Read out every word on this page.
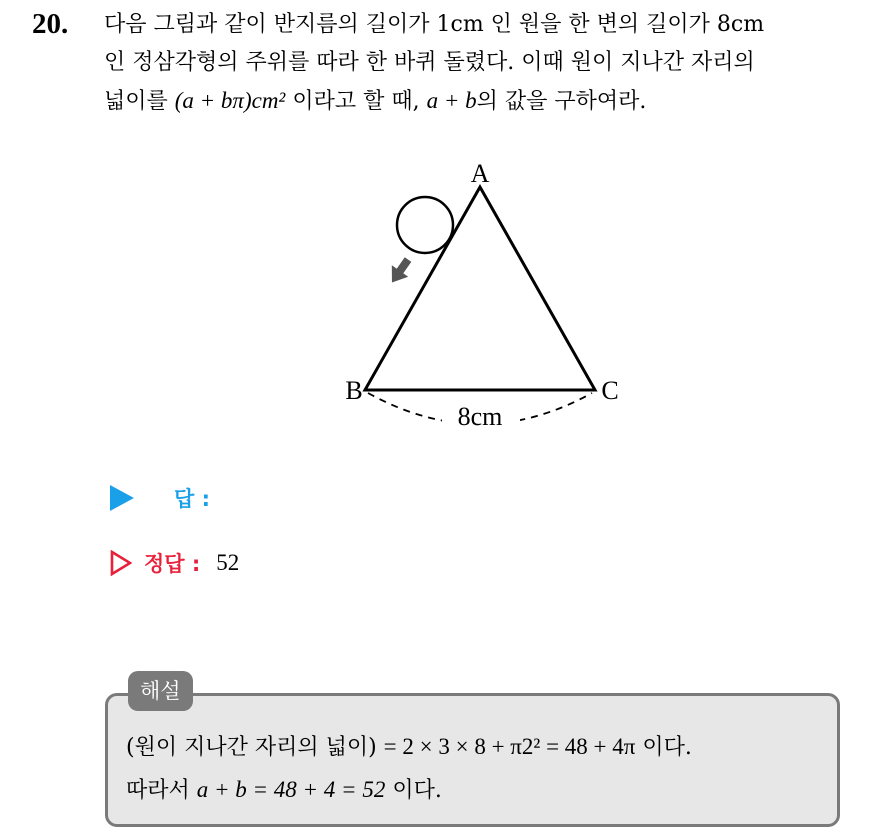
20. 다음 그림과 같이 반지름의 길이가 1cm 인 원을 한 변의 길이가 8cm
인 정삼각형의 주위를 따라 한 바퀴 돌렸다. 이때 원이 지나간 자리의
넓이를 (a + bπ)cm² 이라고 할 때, a + b의 값을 구하여라.
A
B	C
8cm
답 :
정답 : 52
해설
(원이 지나간 자리의 넓이) = 2 × 3 × 8 + π2² = 48 + 4π 이다.
따라서 a + b = 48 + 4 = 52 이다.
